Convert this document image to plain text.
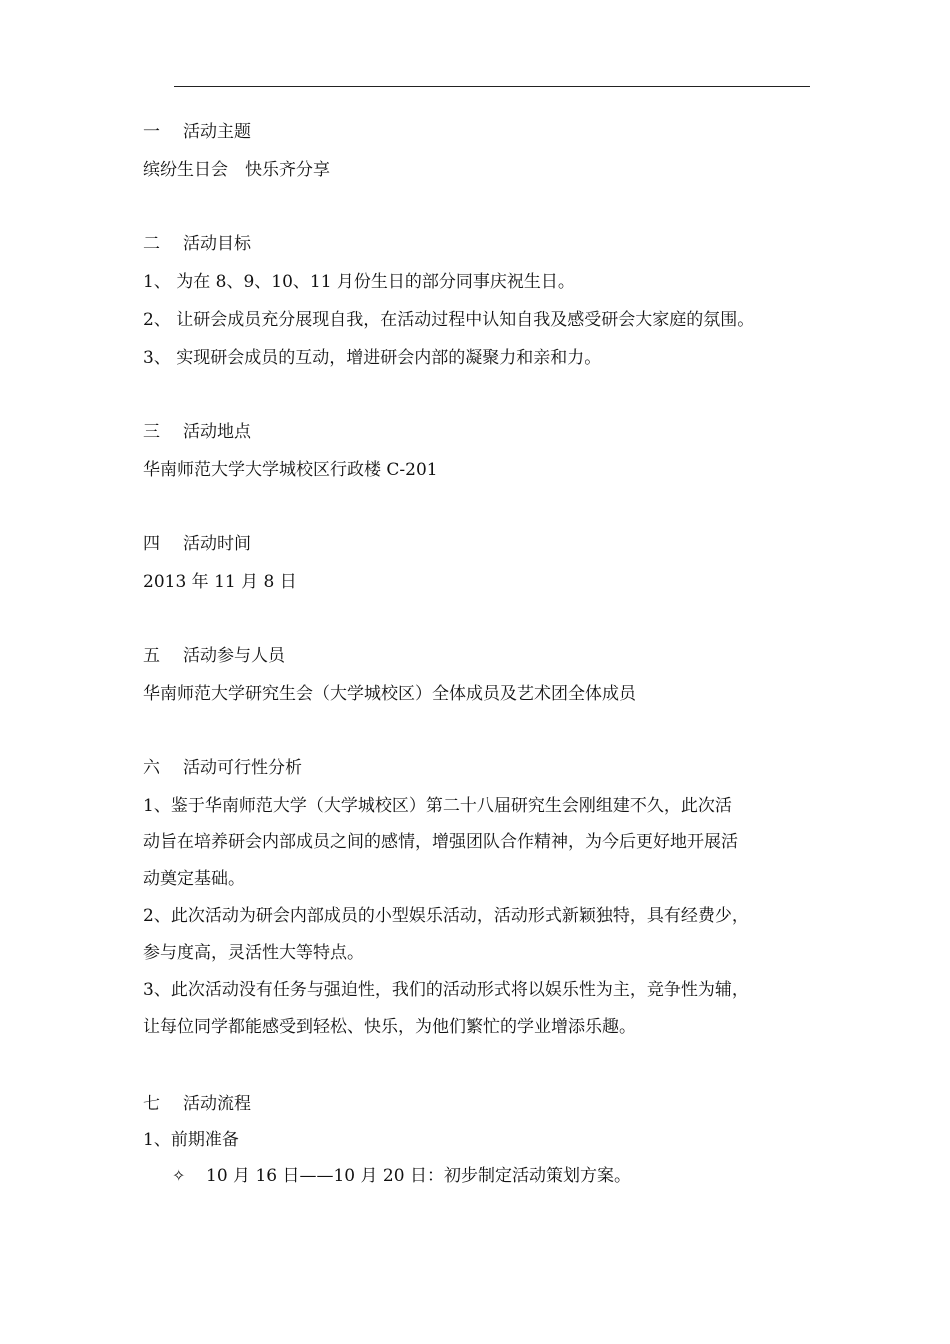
一 活动主题
缤纷生日会　快乐齐分享
二 活动目标
1、 为在 8、9、10、11 月份生日的部分同事庆祝生日。
2、 让研会成员充分展现自我，在活动过程中认知自我及感受研会大家庭的氛围。
3、 实现研会成员的互动，增进研会内部的凝聚力和亲和力。
三 活动地点
华南师范大学大学城校区行政楼 C-201
四 活动时间
2013 年 11 月 8 日
五 活动参与人员
华南师范大学研究生会（大学城校区）全体成员及艺术团全体成员
六 活动可行性分析
1、鉴于华南师范大学（大学城校区）第二十八届研究生会刚组建不久，此次活
动旨在培养研会内部成员之间的感情，增强团队合作精神，为今后更好地开展活
动奠定基础。
2、此次活动为研会内部成员的小型娱乐活动，活动形式新颖独特，具有经费少，
参与度高，灵活性大等特点。
3、此次活动没有任务与强迫性，我们的活动形式将以娱乐性为主，竞争性为辅，
让每位同学都能感受到轻松、快乐，为他们繁忙的学业增添乐趣。
七 活动流程
1、前期准备
✧ 10 月 16 日——10 月 20 日：初步制定活动策划方案。
